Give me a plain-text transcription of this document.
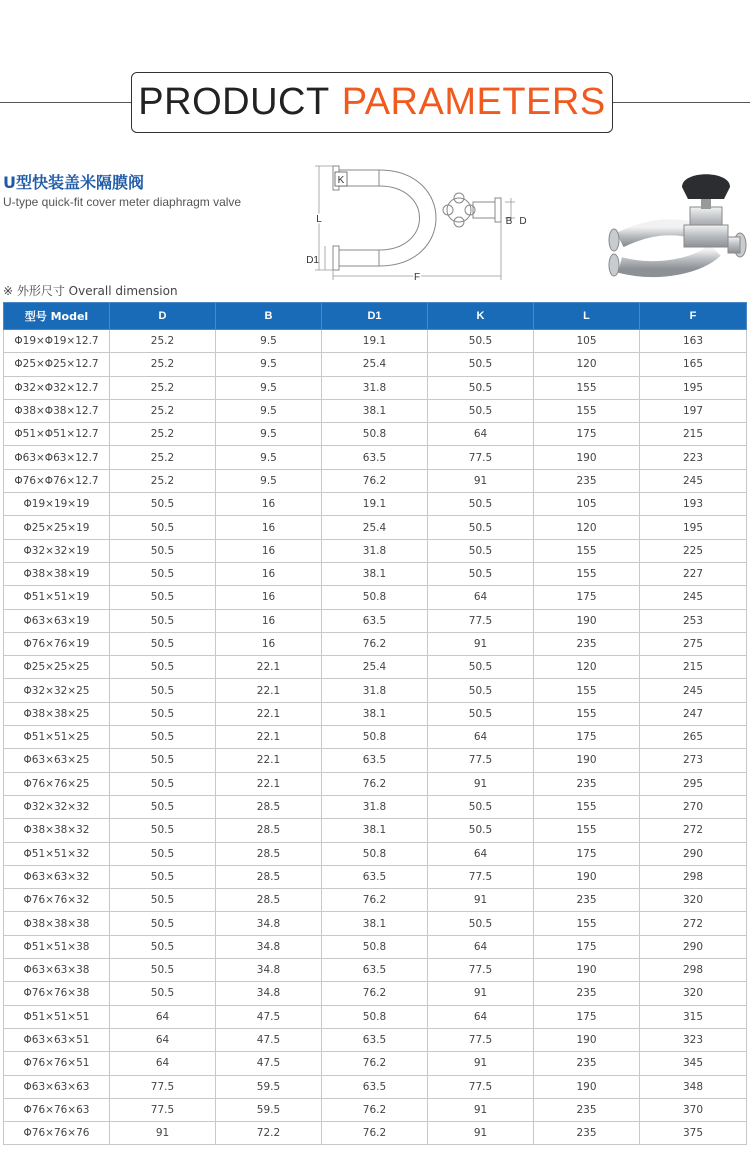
PRODUCT PARAMETERS
U型快装盖米隔膜阀
U-type quick-fit cover meter diaphragm valve
K
L
D1
F
B D
※ 外形尺寸 Overall dimension
型号 Model	D	B	D1	K	L	F
Φ19×Φ19×12.7	25.2	9.5	19.1	50.5	105	163
Φ25×Φ25×12.7	25.2	9.5	25.4	50.5	120	165
Φ32×Φ32×12.7	25.2	9.5	31.8	50.5	155	195
Φ38×Φ38×12.7	25.2	9.5	38.1	50.5	155	197
Φ51×Φ51×12.7	25.2	9.5	50.8	64	175	215
Φ63×Φ63×12.7	25.2	9.5	63.5	77.5	190	223
Φ76×Φ76×12.7	25.2	9.5	76.2	91	235	245
Φ19×19×19	50.5	16	19.1	50.5	105	193
Φ25×25×19	50.5	16	25.4	50.5	120	195
Φ32×32×19	50.5	16	31.8	50.5	155	225
Φ38×38×19	50.5	16	38.1	50.5	155	227
Φ51×51×19	50.5	16	50.8	64	175	245
Φ63×63×19	50.5	16	63.5	77.5	190	253
Φ76×76×19	50.5	16	76.2	91	235	275
Φ25×25×25	50.5	22.1	25.4	50.5	120	215
Φ32×32×25	50.5	22.1	31.8	50.5	155	245
Φ38×38×25	50.5	22.1	38.1	50.5	155	247
Φ51×51×25	50.5	22.1	50.8	64	175	265
Φ63×63×25	50.5	22.1	63.5	77.5	190	273
Φ76×76×25	50.5	22.1	76.2	91	235	295
Φ32×32×32	50.5	28.5	31.8	50.5	155	270
Φ38×38×32	50.5	28.5	38.1	50.5	155	272
Φ51×51×32	50.5	28.5	50.8	64	175	290
Φ63×63×32	50.5	28.5	63.5	77.5	190	298
Φ76×76×32	50.5	28.5	76.2	91	235	320
Φ38×38×38	50.5	34.8	38.1	50.5	155	272
Φ51×51×38	50.5	34.8	50.8	64	175	290
Φ63×63×38	50.5	34.8	63.5	77.5	190	298
Φ76×76×38	50.5	34.8	76.2	91	235	320
Φ51×51×51	64	47.5	50.8	64	175	315
Φ63×63×51	64	47.5	63.5	77.5	190	323
Φ76×76×51	64	47.5	76.2	91	235	345
Φ63×63×63	77.5	59.5	63.5	77.5	190	348
Φ76×76×63	77.5	59.5	76.2	91	235	370
Φ76×76×76	91	72.2	76.2	91	235	375
